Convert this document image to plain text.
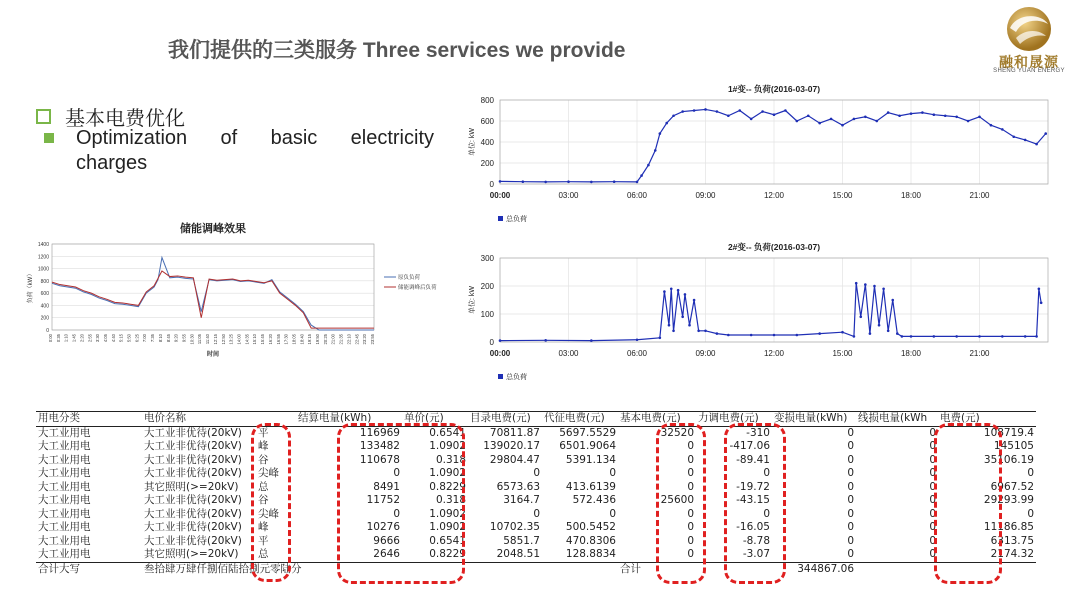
我们提供的三类服务 Three services we provide	融和晟源
SHENG YUAN ENERGY
基本电费优化
Optimization of basic electricity
charges
储能调峰效果
0
200
400
600
800
1000
1200
1400
0:00 0:35 1:10 1:45 2:20 2:55 3:30 4:05 4:40 5:15 5:50 6:25 7:00 7:35 8:10 8:45 9:20 9:55 10:30 11:05 11:40 12:15 12:50 13:25 14:00 14:35 15:10 15:45 16:20 16:55 17:30 18:05 18:40 19:15 19:50 20:25 21:00 21:35 22:10 22:45 23:20 23:55
负荷（kW）
时间
原负负荷
储能调峰后负荷
1#变-- 负荷(2016-03-07)
0
200
400
600
800
00:00	03:00	06:00	09:00	12:00	15:00	18:00	21:00
单位: kW
总负荷
2#变-- 负荷(2016-03-07)
0
100
200
300
00:00	03:00	06:00	09:00	12:00	15:00	18:00	21:00
单位: kW
总负荷
用电分类	电价名称		结算电量(kWh)	单价(元)	目录电费(元)	代征电费(元)	基本电费(元)	力调电费(元)	变损电量(kWh)	线损电量(kWh	电费(元)
大工业用电	大工业非优待(20kV)	平	116969	0.6541	70811.87	5697.5529	32520	-310	0	0	108719.4
大工业用电	大工业非优待(20kV)	峰	133482	1.0902	139020.17	6501.9064	0	-417.06	0	0	145105
大工业用电	大工业非优待(20kV)	谷	110678	0.318	29804.47	5391.134	0	-89.41	0	0	35106.19
大工业用电	大工业非优待(20kV)	尖峰	0	1.0902	0	0	0	0	0	0	0
大工业用电	其它照明(>=20kV)	总	8491	0.8229	6573.63	413.6139	0	-19.72	0	0	6967.52
大工业用电	大工业非优待(20kV)	谷	11752	0.318	3164.7	572.436	25600	-43.15	0	0	29293.99
大工业用电	大工业非优待(20kV)	尖峰	0	1.0902	0	0	0	0	0	0	0
大工业用电	大工业非优待(20kV)	峰	10276	1.0902	10702.35	500.5452	0	-16.05	0	0	11186.85
大工业用电	大工业非优待(20kV)	平	9666	0.6541	5851.7	470.8306	0	-8.78	0	0	6313.75
大工业用电	其它照明(>=20kV)	总	2646	0.8229	2048.51	128.8834	0	-3.07	0	0	2174.32
合计大写	叁拾肆万肆仟捌佰陆拾捌元零陆分						合计		344867.06		
